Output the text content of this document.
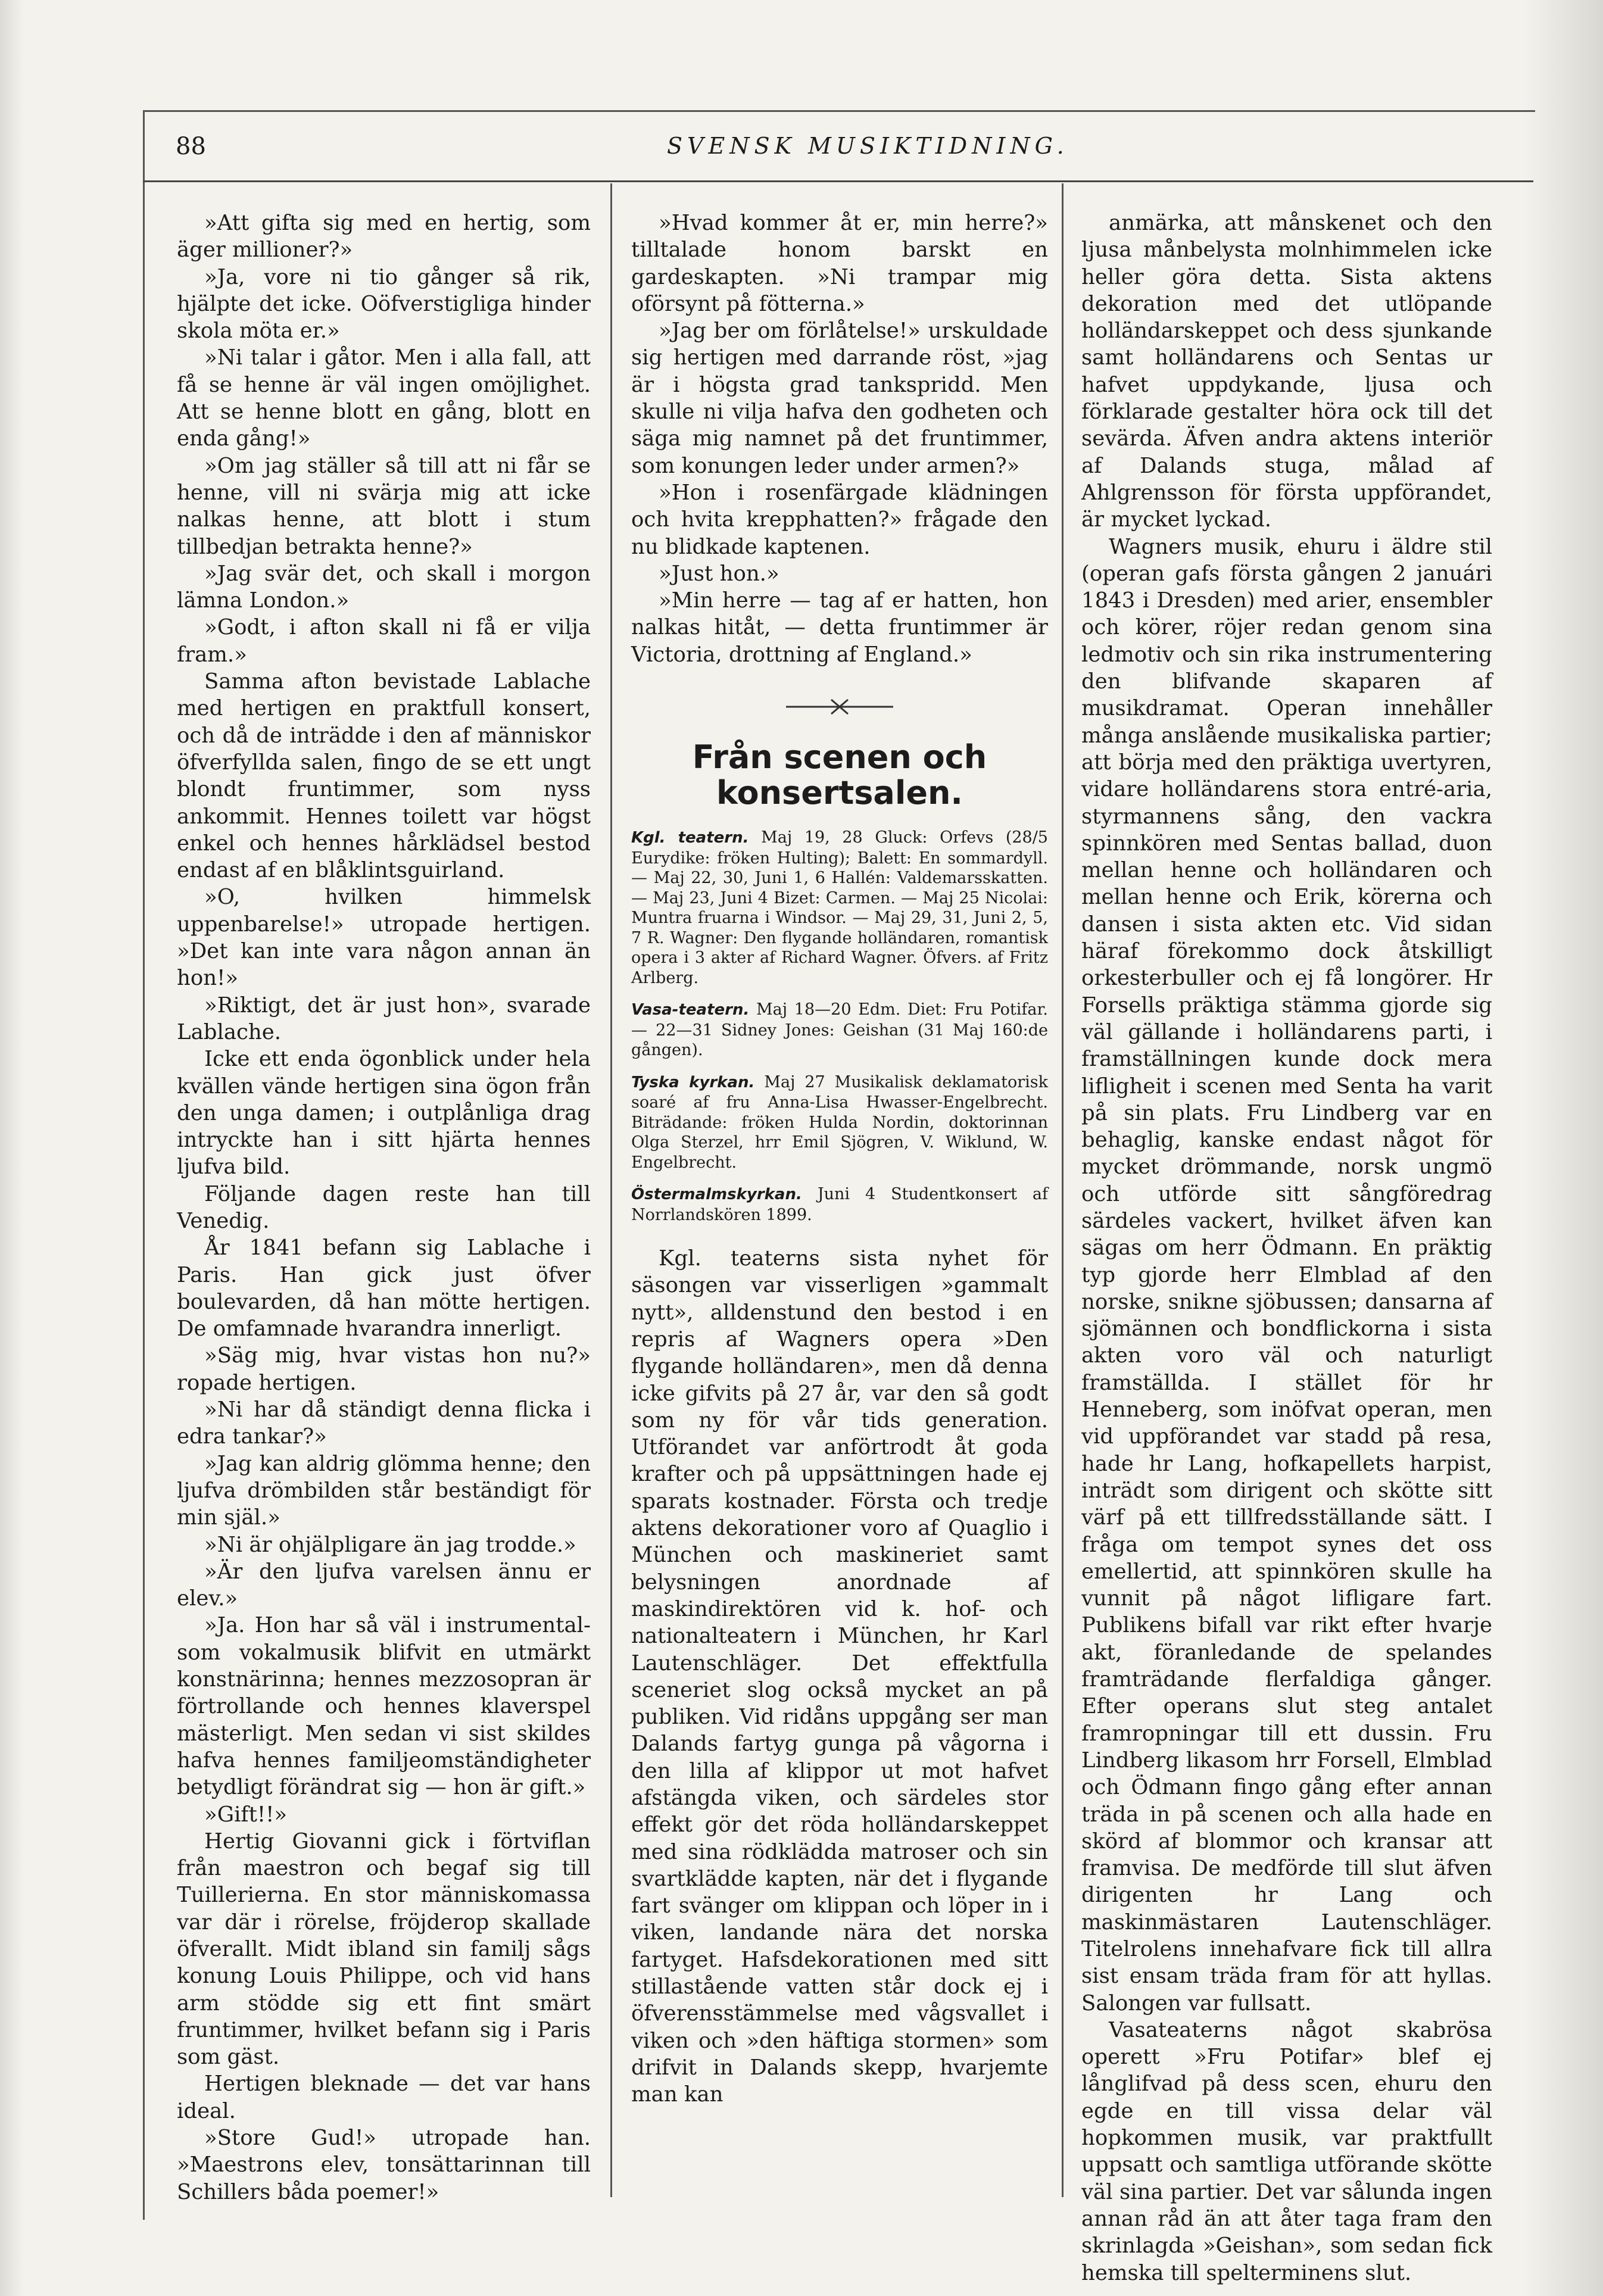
88	SVENSK MUSIKTIDNING.

»Att gifta sig med en hertig, som äger millioner?»

»Ja, vore ni tio gånger så rik, hjälpte det icke. Oöfverstigliga hinder skola möta er.»

»Ni talar i gåtor. Men i alla fall, att få se henne är väl ingen omöjlighet. Att se henne blott en gång, blott en enda gång!»

»Om jag ställer så till att ni får se henne, vill ni svärja mig att icke nalkas henne, att blott i stum tillbedjan betrakta henne?»

»Jag svär det, och skall i morgon lämna London.»

»Godt, i afton skall ni få er vilja fram.»

Samma afton bevistade Lablache med hertigen en praktfull konsert, och då de inträdde i den af människor öfverfyllda salen, fingo de se ett ungt blondt fruntimmer, som nyss ankommit. Hennes toilett var högst enkel och hennes hårklädsel bestod endast af en blåklintsguirland.

»O, hvilken himmelsk uppenbarelse!» utropade hertigen. »Det kan inte vara någon annan än hon!»

»Riktigt, det är just hon», svarade Lablache.

Icke ett enda ögonblick under hela kvällen vände hertigen sina ögon från den unga damen; i outplånliga drag intryckte han i sitt hjärta hennes ljufva bild.

Följande dagen reste han till Venedig.

År 1841 befann sig Lablache i Paris. Han gick just öfver boulevarden, då han mötte hertigen. De omfamnade hvarandra innerligt.

»Säg mig, hvar vistas hon nu?» ropade hertigen.

»Ni har då ständigt denna flicka i edra tankar?»

»Jag kan aldrig glömma henne; den ljufva drömbilden står beständigt för min själ.»

»Ni är ohjälpligare än jag trodde.»

»Är den ljufva varelsen ännu er elev.»

»Ja. Hon har så väl i instrumental- som vokalmusik blifvit en utmärkt konstnärinna; hennes mezzosopran är förtrollande och hennes klaverspel mästerligt. Men sedan vi sist skildes hafva hennes familjeomständigheter betydligt förändrat sig — hon är gift.»

»Gift!!»

Hertig Giovanni gick i förtviflan från maestron och begaf sig till Tuillerierna. En stor människomassa var där i rörelse, fröjderop skallade öfverallt. Midt ibland sin familj sågs konung Louis Philippe, och vid hans arm stödde sig ett fint smärt fruntimmer, hvilket befann sig i Paris som gäst.

Hertigen bleknade — det var hans ideal.

»Store Gud!» utropade han. »Maestrons elev, tonsättarinnan till Schillers båda poemer!»

»Hvad kommer åt er, min herre?» tilltalade honom barskt en gardeskapten. »Ni trampar mig oförsynt på fötterna.»

»Jag ber om förlåtelse!» urskuldade sig hertigen med darrande röst, »jag är i högsta grad tankspridd. Men skulle ni vilja hafva den godheten och säga mig namnet på det fruntimmer, som konungen leder under armen?»

»Hon i rosenfärgade klädningen och hvita krepphatten?» frågade den nu blidkade kaptenen.

»Just hon.»

»Min herre — tag af er hatten, hon nalkas hitåt, — detta fruntimmer är Victoria, drottning af England.»

Från scenen och konsertsalen.

Kgl. teatern. Maj 19, 28 Gluck: Orfevs (28/5 Eurydike: fröken Hulting); Balett: En sommardyll. — Maj 22, 30, Juni 1, 6 Hallén: Valdemarsskatten. — Maj 23, Juni 4 Bizet: Carmen. — Maj 25 Nicolai: Muntra fruarna i Windsor. — Maj 29, 31, Juni 2, 5, 7 R. Wagner: Den flygande holländaren, romantisk opera i 3 akter af Richard Wagner. Öfvers. af Fritz Arlberg.

Vasa-teatern. Maj 18—20 Edm. Diet: Fru Potifar. — 22—31 Sidney Jones: Geishan (31 Maj 160:de gången).

Tyska kyrkan. Maj 27 Musikalisk deklamatorisk soaré af fru Anna-Lisa Hwasser-Engelbrecht. Biträdande: fröken Hulda Nordin, doktorinnan Olga Sterzel, hrr Emil Sjögren, V. Wiklund, W. Engelbrecht.

Östermalmskyrkan. Juni 4 Studentkonsert af Norrlandskören 1899.

Kgl. teaterns sista nyhet för säsongen var visserligen »gammalt nytt», alldenstund den bestod i en repris af Wagners opera »Den flygande holländaren», men då denna icke gifvits på 27 år, var den så godt som ny för vår tids generation. Utförandet var anförtrodt åt goda krafter och på uppsättningen hade ej sparats kostnader. Första och tredje aktens dekorationer voro af Quaglio i München och maskineriet samt belysningen anordnade af maskindirektören vid k. hof- och nationalteatern i München, hr Karl Lautenschläger. Det effektfulla sceneriet slog också mycket an på publiken. Vid ridåns uppgång ser man Dalands fartyg gunga på vågorna i den lilla af klippor ut mot hafvet afstängda viken, och särdeles stor effekt gör det röda holländarskeppet med sina rödklädda matroser och sin svartklädde kapten, när det i flygande fart svänger om klippan och löper in i viken, landande nära det norska fartyget. Hafsdekorationen med sitt stillastående vatten står dock ej i öfverensstämmelse med vågsvallet i viken och »den häftiga stormen» som drifvit in Dalands skepp, hvarjemte man kan

anmärka, att månskenet och den ljusa månbelysta molnhimmelen icke heller göra detta. Sista aktens dekoration med det utlöpande holländarskeppet och dess sjunkande samt holländarens och Sentas ur hafvet uppdykande, ljusa och förklarade gestalter höra ock till det sevärda. Äfven andra aktens interiör af Dalands stuga, målad af Ahlgrensson för första uppförandet, är mycket lyckad.

Wagners musik, ehuru i äldre stil (operan gafs första gången 2 januári 1843 i Dresden) med arier, ensembler och körer, röjer redan genom sina ledmotiv och sin rika instrumentering den blifvande skaparen af musikdramat. Operan innehåller många anslående musikaliska partier; att börja med den präktiga uvertyren, vidare holländarens stora entré-aria, styrmannens sång, den vackra spinnkören med Sentas ballad, duon mellan henne och holländaren och mellan henne och Erik, körerna och dansen i sista akten etc. Vid sidan häraf förekommo dock åtskilligt orkesterbuller och ej få longörer. Hr Forsells präktiga stämma gjorde sig väl gällande i holländarens parti, i framställningen kunde dock mera lifligheit i scenen med Senta ha varit på sin plats. Fru Lindberg var en behaglig, kanske endast något för mycket drömmande, norsk ungmö och utförde sitt sångföredrag särdeles vackert, hvilket äfven kan sägas om herr Ödmann. En präktig typ gjorde herr Elmblad af den norske, snikne sjöbussen; dansarna af sjömännen och bondflickorna i sista akten voro väl och naturligt framställda. I stället för hr Henneberg, som inöfvat operan, men vid uppförandet var stadd på resa, hade hr Lang, hofkapellets harpist, inträdt som dirigent och skötte sitt värf på ett tillfredsställande sätt. I fråga om tempot synes det oss emellertid, att spinnkören skulle ha vunnit på något lifligare fart. Publikens bifall var rikt efter hvarje akt, föranledande de spelandes framträdande flerfaldiga gånger. Efter operans slut steg antalet framropningar till ett dussin. Fru Lindberg likasom hrr Forsell, Elmblad och Ödmann fingo gång efter annan träda in på scenen och alla hade en skörd af blommor och kransar att framvisa. De medförde till slut äfven dirigenten hr Lang och maskinmästaren Lautenschläger. Titelrolens innehafvare fick till allra sist ensam träda fram för att hyllas. Salongen var fullsatt.

Vasateaterns något skabrösa operett »Fru Potifar» blef ej långlifvad på dess scen, ehuru den egde en till vissa delar väl hopkommen musik, var praktfullt uppsatt och samtliga utförande skötte väl sina partier. Det var sålunda ingen annan råd än att åter taga fram den skrinlagda »Geishan», som sedan fick hemska till spelterminens slut.
